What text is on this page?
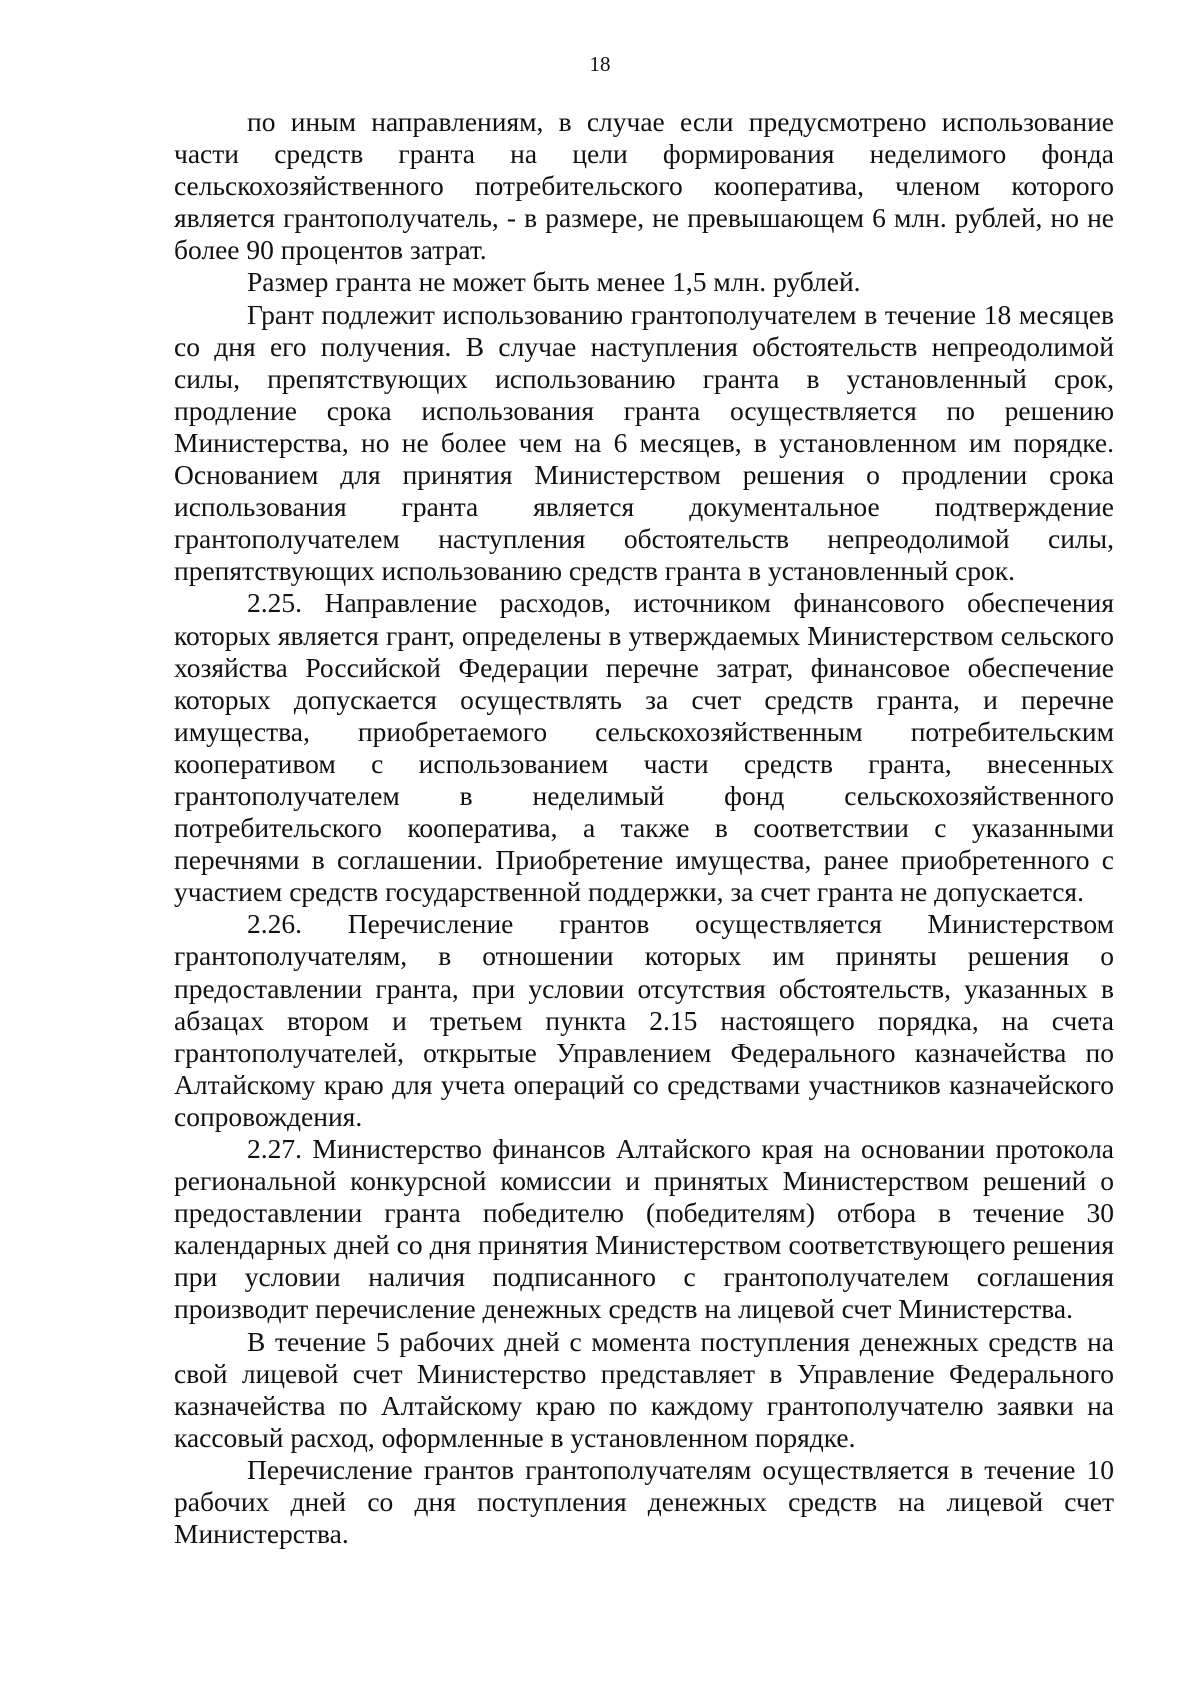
18

по иным направлениям, в случае если предусмотрено использование части средств гранта на цели формирования неделимого фонда сельскохозяйственного потребительского кооператива, членом которого является грантополучатель, - в размере, не превышающем 6 млн. рублей, но не более 90 процентов затрат.

Размер гранта не может быть менее 1,5 млн. рублей.

Грант подлежит использованию грантополучателем в течение 18 месяцев со дня его получения. В случае наступления обстоятельств непреодолимой силы, препятствующих использованию гранта в установленный срок, продление срока использования гранта осуществляется по решению Министерства, но не более чем на 6 месяцев, в установленном им порядке. Основанием для принятия Министерством решения о продлении срока использования гранта является документальное подтверждение грантополучателем наступления обстоятельств непреодолимой силы, препятствующих использованию средств гранта в установленный срок.

2.25. Направление расходов, источником финансового обеспечения которых является грант, определены в утверждаемых Министерством сельского хозяйства Российской Федерации перечне затрат, финансовое обеспечение которых допускается осуществлять за счет средств гранта, и перечне имущества, приобретаемого сельскохозяйственным потребительским кооперативом с использованием части средств гранта, внесенных грантополучателем в неделимый фонд сельскохозяйственного потребительского кооператива, а также в соответствии с указанными перечнями в соглашении. Приобретение имущества, ранее приобретенного с участием средств государственной поддержки, за счет гранта не допускается.

2.26. Перечисление грантов осуществляется Министерством грантополучателям, в отношении которых им приняты решения о предоставлении гранта, при условии отсутствия обстоятельств, указанных в абзацах втором и третьем пункта 2.15 настоящего порядка, на счета грантополучателей, открытые Управлением Федерального казначейства по Алтайскому краю для учета операций со средствами участников казначейского сопровождения.

2.27. Министерство финансов Алтайского края на основании протокола региональной конкурсной комиссии и принятых Министерством решений о предоставлении гранта победителю (победителям) отбора в течение 30 календарных дней со дня принятия Министерством соответствующего решения при условии наличия подписанного с грантополучателем соглашения производит перечисление денежных средств на лицевой счет Министерства.

В течение 5 рабочих дней с момента поступления денежных средств на свой лицевой счет Министерство представляет в Управление Федерального казначейства по Алтайскому краю по каждому грантополучателю заявки на кассовый расход, оформленные в установленном порядке.

Перечисление грантов грантополучателям осуществляется в течение 10 рабочих дней со дня поступления денежных средств на лицевой счет Министерства.
